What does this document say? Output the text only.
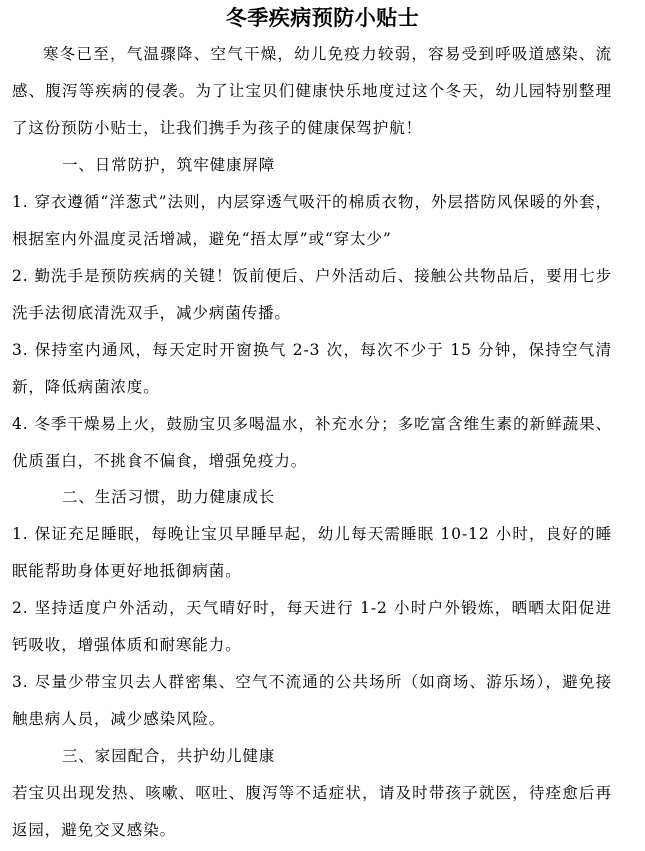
冬季疾病预防小贴士

寒冬已至，气温骤降、空气干燥，幼儿免疫力较弱，容易受到呼吸道感染、流感、腹泻等疾病的侵袭。为了让宝贝们健康快乐地度过这个冬天，幼儿园特别整理了这份预防小贴士，让我们携手为孩子的健康保驾护航！

一、日常防护，筑牢健康屏障

1. 穿衣遵循“洋葱式”法则，内层穿透气吸汗的棉质衣物，外层搭防风保暖的外套，根据室内外温度灵活增减，避免“捂太厚”或“穿太少”

2. 勤洗手是预防疾病的关键！饭前便后、户外活动后、接触公共物品后，要用七步洗手法彻底清洗双手，减少病菌传播。

3. 保持室内通风，每天定时开窗换气 2-3 次，每次不少于 15 分钟，保持空气清新，降低病菌浓度。

4. 冬季干燥易上火，鼓励宝贝多喝温水，补充水分；多吃富含维生素的新鲜蔬果、优质蛋白，不挑食不偏食，增强免疫力。

二、生活习惯，助力健康成长

1. 保证充足睡眠，每晚让宝贝早睡早起，幼儿每天需睡眠 10-12 小时，良好的睡眠能帮助身体更好地抵御病菌。

2. 坚持适度户外活动，天气晴好时，每天进行 1-2 小时户外锻炼，晒晒太阳促进钙吸收，增强体质和耐寒能力。

3. 尽量少带宝贝去人群密集、空气不流通的公共场所（如商场、游乐场），避免接触患病人员，减少感染风险。

三、家园配合，共护幼儿健康

若宝贝出现发热、咳嗽、呕吐、腹泻等不适症状，请及时带孩子就医，待痊愈后再返园，避免交叉感染。
